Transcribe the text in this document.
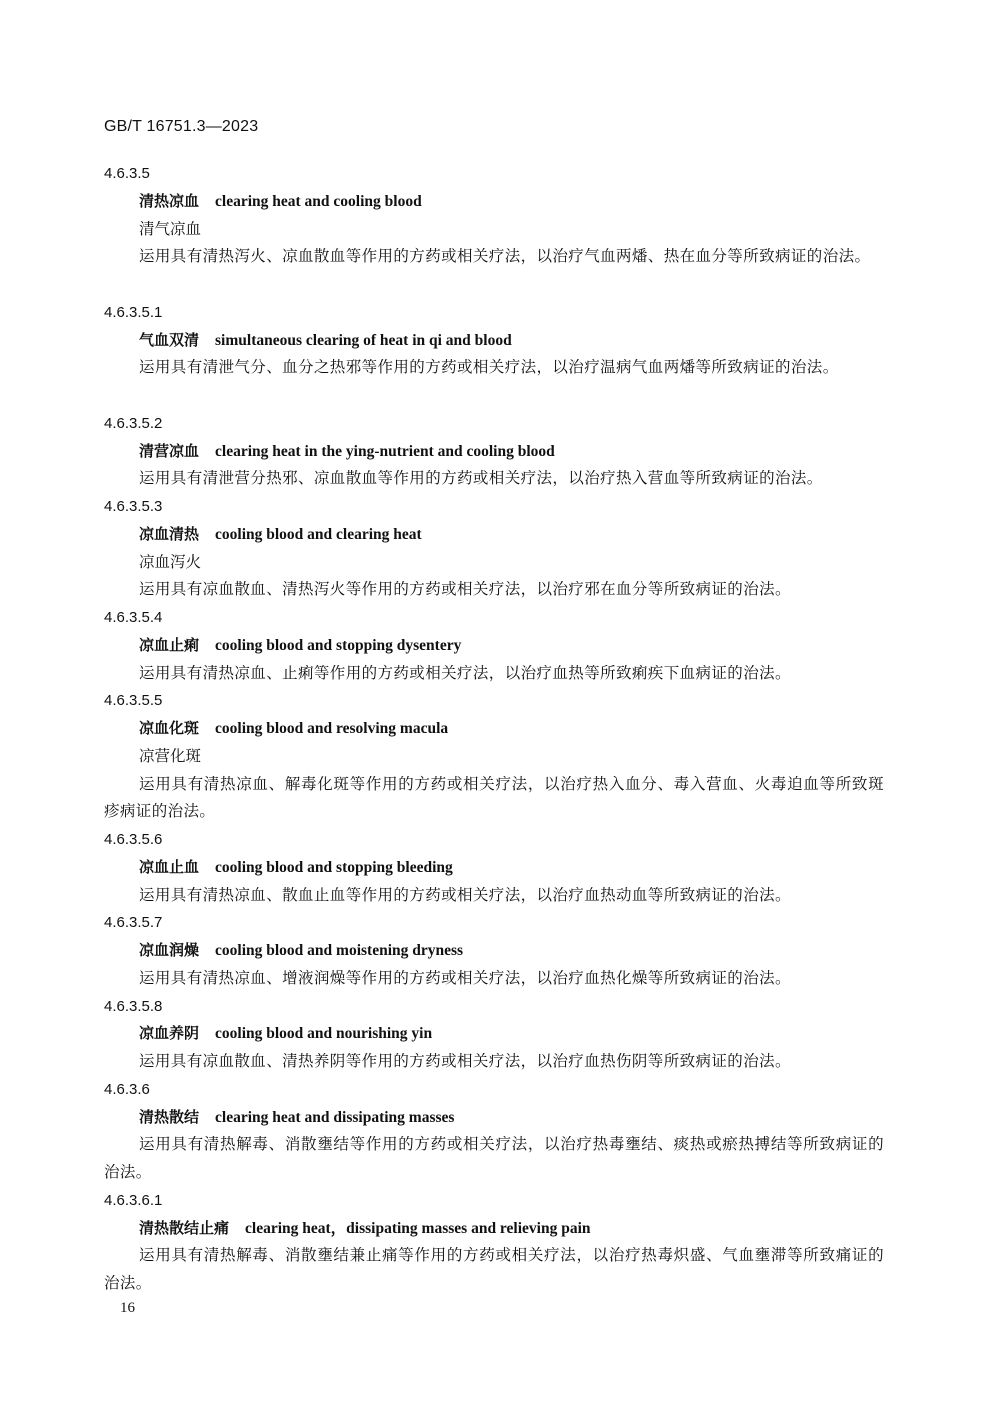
GB/T 16751.3—2023
4.6.3.5
清热凉血 clearing heat and cooling blood
清气凉血
运用具有清热泻火、凉血散血等作用的方药或相关疗法，以治疗气血两燔、热在血分等所致病证的治法。
4.6.3.5.1
气血双清 simultaneous clearing of heat in qi and blood
运用具有清泄气分、血分之热邪等作用的方药或相关疗法，以治疗温病气血两燔等所致病证的治法。
4.6.3.5.2
清营凉血 clearing heat in the ying-nutrient and cooling blood
运用具有清泄营分热邪、凉血散血等作用的方药或相关疗法，以治疗热入营血等所致病证的治法。
4.6.3.5.3
凉血清热 cooling blood and clearing heat
凉血泻火
运用具有凉血散血、清热泻火等作用的方药或相关疗法，以治疗邪在血分等所致病证的治法。
4.6.3.5.4
凉血止痢 cooling blood and stopping dysentery
运用具有清热凉血、止痢等作用的方药或相关疗法，以治疗血热等所致痢疾下血病证的治法。
4.6.3.5.5
凉血化斑 cooling blood and resolving macula
凉营化斑
运用具有清热凉血、解毒化斑等作用的方药或相关疗法，以治疗热入血分、毒入营血、火毒迫血等所致斑疹病证的治法。
4.6.3.5.6
凉血止血 cooling blood and stopping bleeding
运用具有清热凉血、散血止血等作用的方药或相关疗法，以治疗血热动血等所致病证的治法。
4.6.3.5.7
凉血润燥 cooling blood and moistening dryness
运用具有清热凉血、增液润燥等作用的方药或相关疗法，以治疗血热化燥等所致病证的治法。
4.6.3.5.8
凉血养阴 cooling blood and nourishing yin
运用具有凉血散血、清热养阴等作用的方药或相关疗法，以治疗血热伤阴等所致病证的治法。
4.6.3.6
清热散结 clearing heat and dissipating masses
运用具有清热解毒、消散壅结等作用的方药或相关疗法，以治疗热毒壅结、痰热或瘀热搏结等所致病证的治法。
4.6.3.6.1
清热散结止痛 clearing heat，dissipating masses and relieving pain
运用具有清热解毒、消散壅结兼止痛等作用的方药或相关疗法，以治疗热毒炽盛、气血壅滞等所致痛证的治法。
16
